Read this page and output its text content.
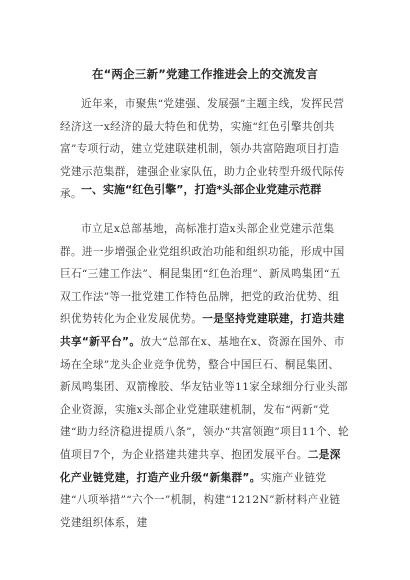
在“两企三新”党建工作推进会上的交流发言
近年来，市聚焦“党建强、发展强”主题主线，发挥民营经济这一x经济的最大特色和优势，实施“红色引擎共创共富”专项行动，建立党建联建机制，领办共富陪跑项目打造党建示范集群，建强企业家队伍，助力企业转型升级代际传承。 一、实施“红色引擎”，打造*头部企业党建示范群
市立足x总部基地，高标准打造x头部企业党建示范集群。进一步增强企业党组织政治功能和组织功能，形成中国巨石“三建工作法”、桐昆集团“红色治理”、新凤鸣集团“五双工作法”等一批党建工作特色品牌，把党的政治优势、组织优势转化为企业发展优势。一是坚持党建联建，打造共建共享“新平台”。放大“总部在x、基地在x、资源在国外、市场在全球”龙头企业竞争优势，整合中国巨石、桐昆集团、新凤鸣集团、双箭橡胶、华友钴业等11家全球细分行业头部企业资源，实施x头部企业党建联建机制，发布“两新”党建“助力经济稳进提质八条”，领办“共富领跑”项目11个、轮值项目7个，为企业搭建共建共享、抱团发展平台。二是深化产业链党建，打造产业升级“新集群”。实施产业链党建“八项举措”“六个一”机制，构建“1212N”新材料产业链党建组织体系，建
